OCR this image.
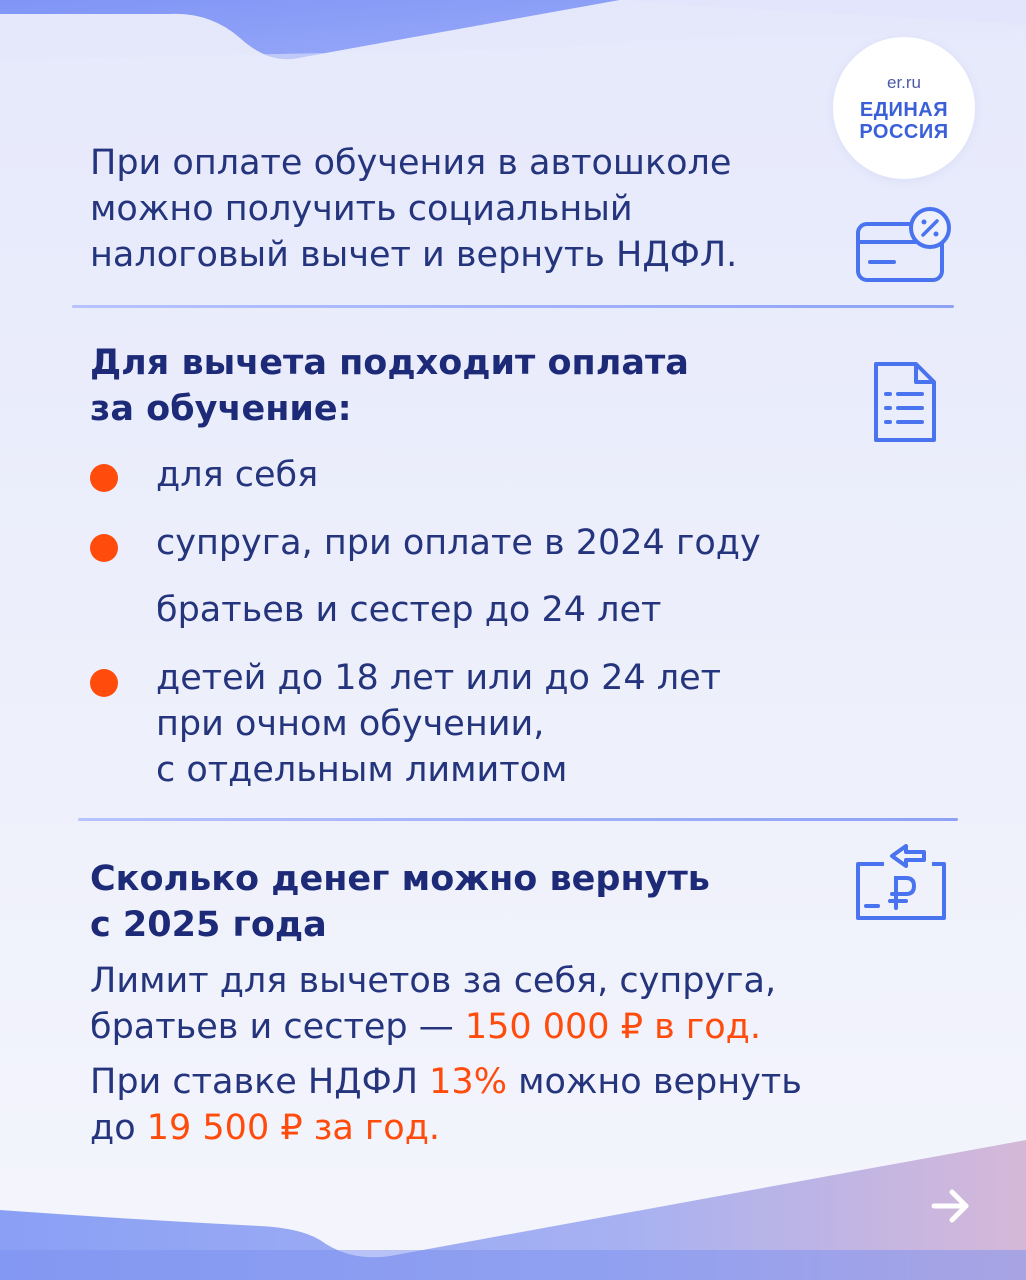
er.ru
ЕДИНАЯ
РОССИЯ
При оплате обучения в автошколе
можно получить социальный
налоговый вычет и вернуть НДФЛ.
Для вычета подходит оплата
за обучение:
для себя
супруга, при оплате в 2024 году
братьев и сестер до 24 лет
детей до 18 лет или до 24 лет
при очном обучении,
с отдельным лимитом
Сколько денег можно вернуть
с 2025 года
Лимит для вычетов за себя, супруга,
братьев и сестер — 150 000 ₽ в год.
При ставке НДФЛ 13% можно вернуть
до 19 500 ₽ за год.
